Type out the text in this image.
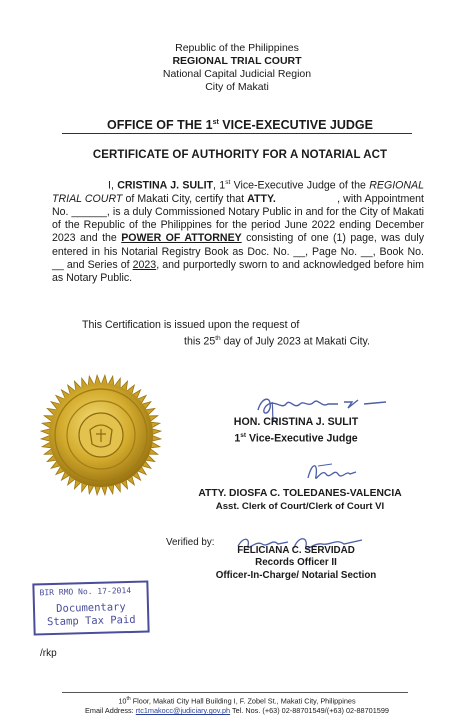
Republic of the Philippines
REGIONAL TRIAL COURT
National Capital Judicial Region
City of Makati
OFFICE OF THE 1st VICE-EXECUTIVE JUDGE
CERTIFICATE OF AUTHORITY FOR A NOTARIAL ACT

I, CRISTINA J. SULIT, 1st Vice-Executive Judge of the REGIONAL TRIAL COURT of Makati City, certify that ATTY.                    , with Appointment No. ______, is a duly Commissioned Notary Public in and for the City of Makati of the Republic of the Philippines for the period June 2022 ending December 2023 and the POWER OF ATTORNEY consisting of one (1) page, was duly entered in his Notarial Registry Book as Doc. No. __, Page No. __, Book No. __ and Series of 2023, and purportedly sworn to and acknowledged before him as Notary Public.

This Certification is issued upon the request of
this 25th day of July 2023 at Makati City.
HON. CRISTINA J. SULIT
1st Vice-Executive Judge
ATTY. DIOSFA C. TOLEDANES-VALENCIA
Asst. Clerk of Court/Clerk of Court VI
Verified by:
FELICIANA C. SERVIDAD
Records Officer II
Officer-In-Charge/ Notarial Section
BIR RMO No. 17-2014
Documentary
Stamp Tax Paid
/rkp
10th Floor, Makati City Hall Building I, F. Zobel St., Makati City, Philippines
Email Address: rtc1makocc@judiciary.gov.ph Tel. Nos. (+63) 02-88701549/(+63) 02-88701599
